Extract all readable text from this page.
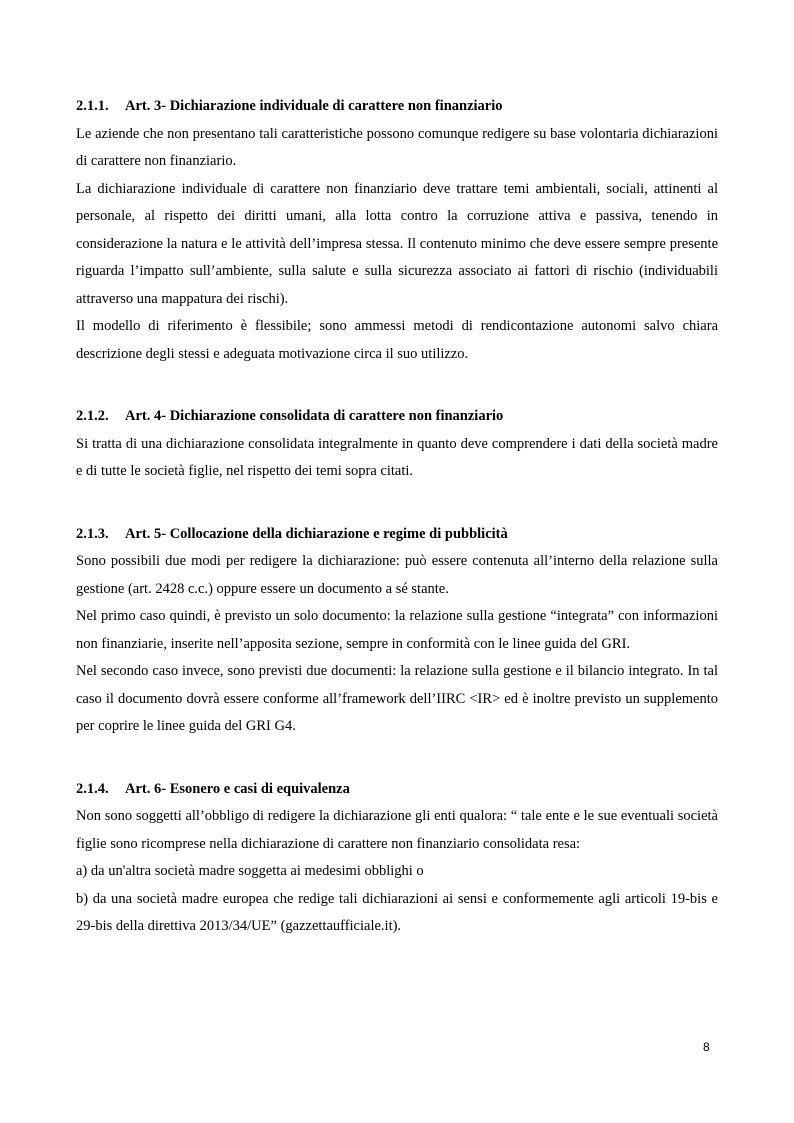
2.1.1. Art. 3- Dichiarazione individuale di carattere non finanziario

Le aziende che non presentano tali caratteristiche possono comunque redigere su base volontaria dichiarazioni di carattere non finanziario.

La dichiarazione individuale di carattere non finanziario deve trattare temi ambientali, sociali, attinenti al personale, al rispetto dei diritti umani, alla lotta contro la corruzione attiva e passiva, tenendo in considerazione la natura e le attività dell’impresa stessa. Il contenuto minimo che deve essere sempre presente riguarda l’impatto sull’ambiente, sulla salute e sulla sicurezza associato ai fattori di rischio (individuabili attraverso una mappatura dei rischi).

Il modello di riferimento è flessibile; sono ammessi metodi di rendicontazione autonomi salvo chiara descrizione degli stessi e adeguata motivazione circa il suo utilizzo.

2.1.2. Art. 4- Dichiarazione consolidata di carattere non finanziario

Si tratta di una dichiarazione consolidata integralmente in quanto deve comprendere i dati della società madre e di tutte le società figlie, nel rispetto dei temi sopra citati.

2.1.3. Art. 5- Collocazione della dichiarazione e regime di pubblicità

Sono possibili due modi per redigere la dichiarazione: può essere contenuta all’interno della relazione sulla gestione (art. 2428 c.c.) oppure essere un documento a sé stante.

Nel primo caso quindi, è previsto un solo documento: la relazione sulla gestione “integrata” con informazioni non finanziarie, inserite nell’apposita sezione, sempre in conformità con le linee guida del GRI.

Nel secondo caso invece, sono previsti due documenti: la relazione sulla gestione e il bilancio integrato. In tal caso il documento dovrà essere conforme all’framework dell’IIRC <IR> ed è inoltre previsto un supplemento per coprire le linee guida del GRI G4.

2.1.4. Art. 6- Esonero e casi di equivalenza

Non sono soggetti all’obbligo di redigere la dichiarazione gli enti qualora: “ tale ente e le sue eventuali società figlie sono ricomprese nella dichiarazione di carattere non finanziario consolidata resa:

a) da un'altra società madre soggetta ai medesimi obblighi o

b) da una società madre europea che redige tali dichiarazioni ai sensi e conformemente agli articoli 19-bis e 29-bis della direttiva 2013/34/UE” (gazzettaufficiale.it).

8
